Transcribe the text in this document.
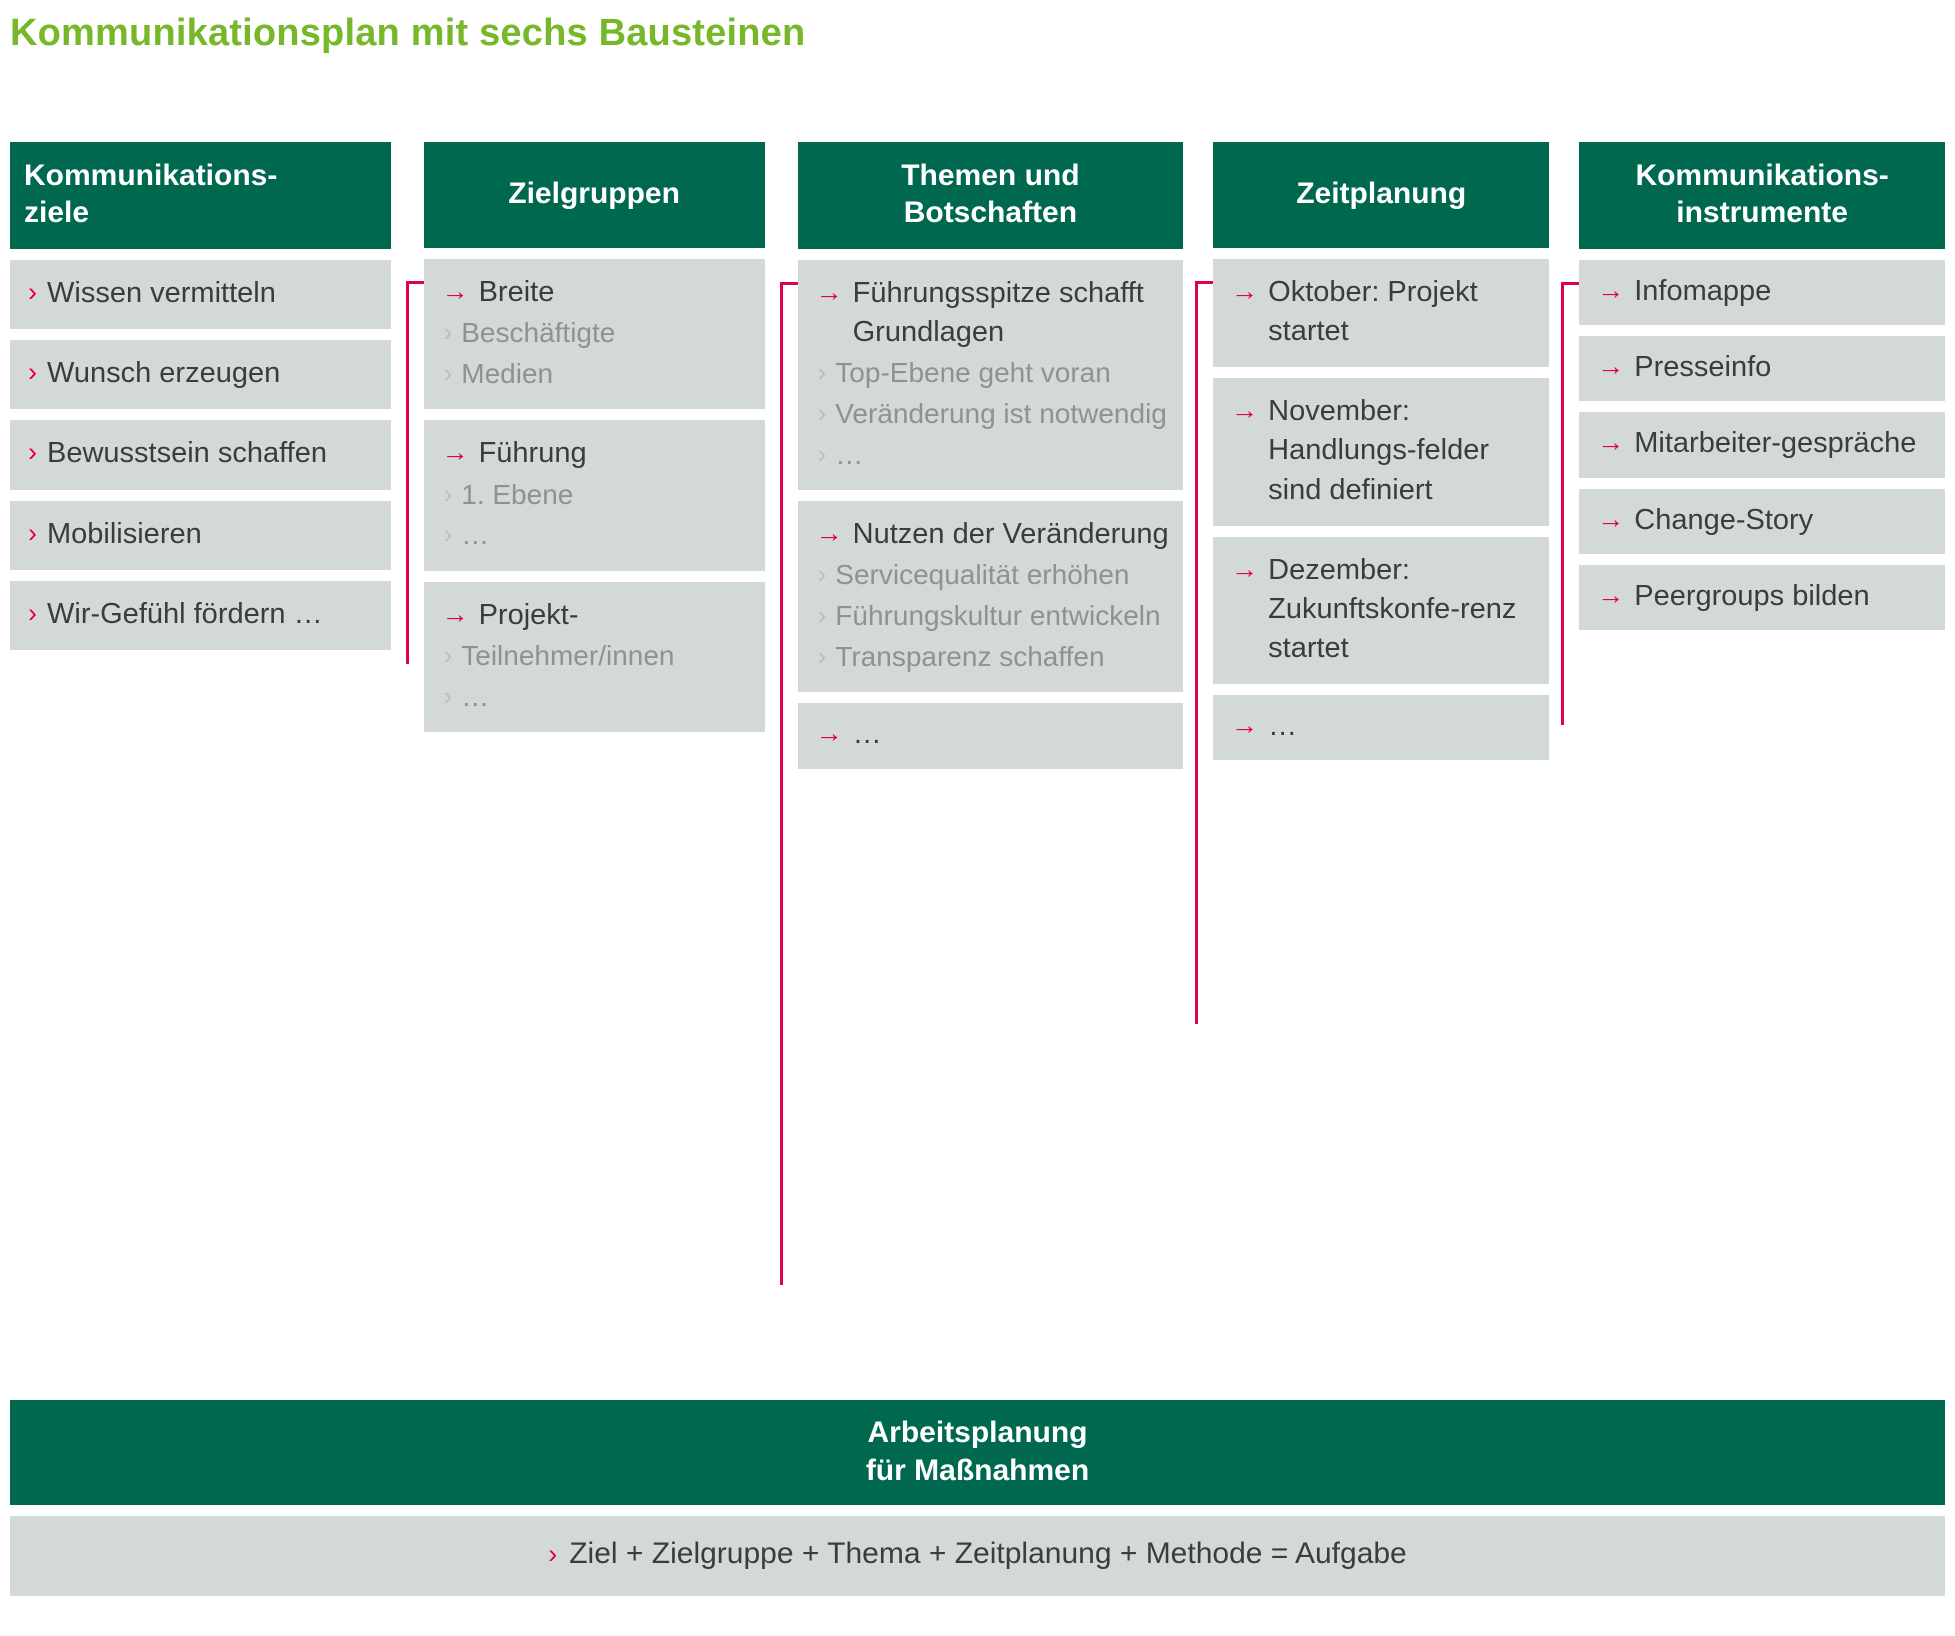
Kommunikationsplan mit sechs Bausteinen
Kommunikations-
ziele
› Wissen vermitteln
› Wunsch erzeugen
› Bewusstsein schaffen
› Mobilisieren
› Wir-Gefühl fördern …
Zielgruppen
→ Breite
› Beschäftigte
› Medien
→ Führung
› 1. Ebene
› …
→ Projekt-
› Teilnehmer/innen
› …
Themen und
Botschaften
→ Führungsspitze schafft Grundlagen
› Top-Ebene geht voran
› Veränderung ist notwendig
› …
→ Nutzen der Veränderung
› Servicequalität erhöhen
› Führungskultur entwickeln
› Transparenz schaffen
→ …
Zeitplanung
→ Oktober: Projekt startet
→ November: Handlungs-felder sind definiert
→ Dezember: Zukunftskonfe-renz startet
→ …
Kommunikations-
instrumente
→ Infomappe
→ Presseinfo
→ Mitarbeiter-gespräche
→ Change-Story
→ Peergroups bilden
Arbeitsplanung
für Maßnahmen
› Ziel + Zielgruppe + Thema + Zeitplanung + Methode = Aufgabe
